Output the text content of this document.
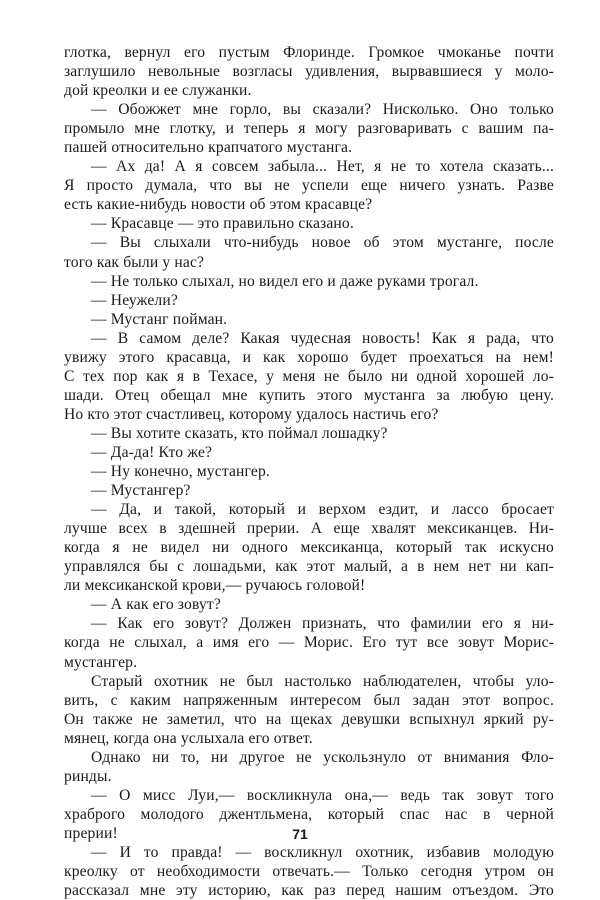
глотка, вернул его пустым Флоринде. Громкое чмоканье почти
заглушило невольные возгласы удивления, вырвавшиеся у моло-
дой креолки и ее служанки.
— Обожжет мне горло, вы сказали? Нисколько. Оно только
промыло мне глотку, и теперь я могу разговаривать с вашим па-
пашей относительно крапчатого мустанга.
— Ах да! А я совсем забыла... Нет, я не то хотела сказать...
Я просто думала, что вы не успели еще ничего узнать. Разве
есть какие-нибудь новости об этом красавце?
— Красавце — это правильно сказано.
— Вы слыхали что-нибудь новое об этом мустанге, после
того как были у нас?
— Не только слыхал, но видел его и даже руками трогал.
— Неужели?
— Мустанг пойман.
— В самом деле? Какая чудесная новость! Как я рада, что
увижу этого красавца, и как хорошо будет проехаться на нем!
С тех пор как я в Техасе, у меня не было ни одной хорошей ло-
шади. Отец обещал мне купить этого мустанга за любую цену.
Но кто этот счастливец, которому удалось настичь его?
— Вы хотите сказать, кто поймал лошадку?
— Да-да! Кто же?
— Ну конечно, мустангер.
— Мустангер?
— Да, и такой, который и верхом ездит, и лассо бросает
лучше всех в здешней прерии. А еще хвалят мексиканцев. Ни-
когда я не видел ни одного мексиканца, который так искусно
управлялся бы с лошадьми, как этот малый, а в нем нет ни кап-
ли мексиканской крови,— ручаюсь головой!
— А как его зовут?
— Как его зовут? Должен признать, что фамилии его я ни-
когда не слыхал, а имя его — Морис. Его тут все зовут Морис-
мустангер.
Старый охотник не был настолько наблюдателен, чтобы уло-
вить, с каким напряженным интересом был задан этот вопрос.
Он также не заметил, что на щеках девушки вспыхнул яркий ру-
мянец, когда она услыхала его ответ.
Однако ни то, ни другое не ускользнуло от внимания Фло-
ринды.
— О мисс Луи,— воскликнула она,— ведь так зовут того
храброго молодого джентльмена, который спас нас в черной
прерии!
— И то правда! — воскликнул охотник, избавив молодую
креолку от необходимости отвечать.— Только сегодня утром он
рассказал мне эту историю, как раз перед нашим отъездом. Это
71
